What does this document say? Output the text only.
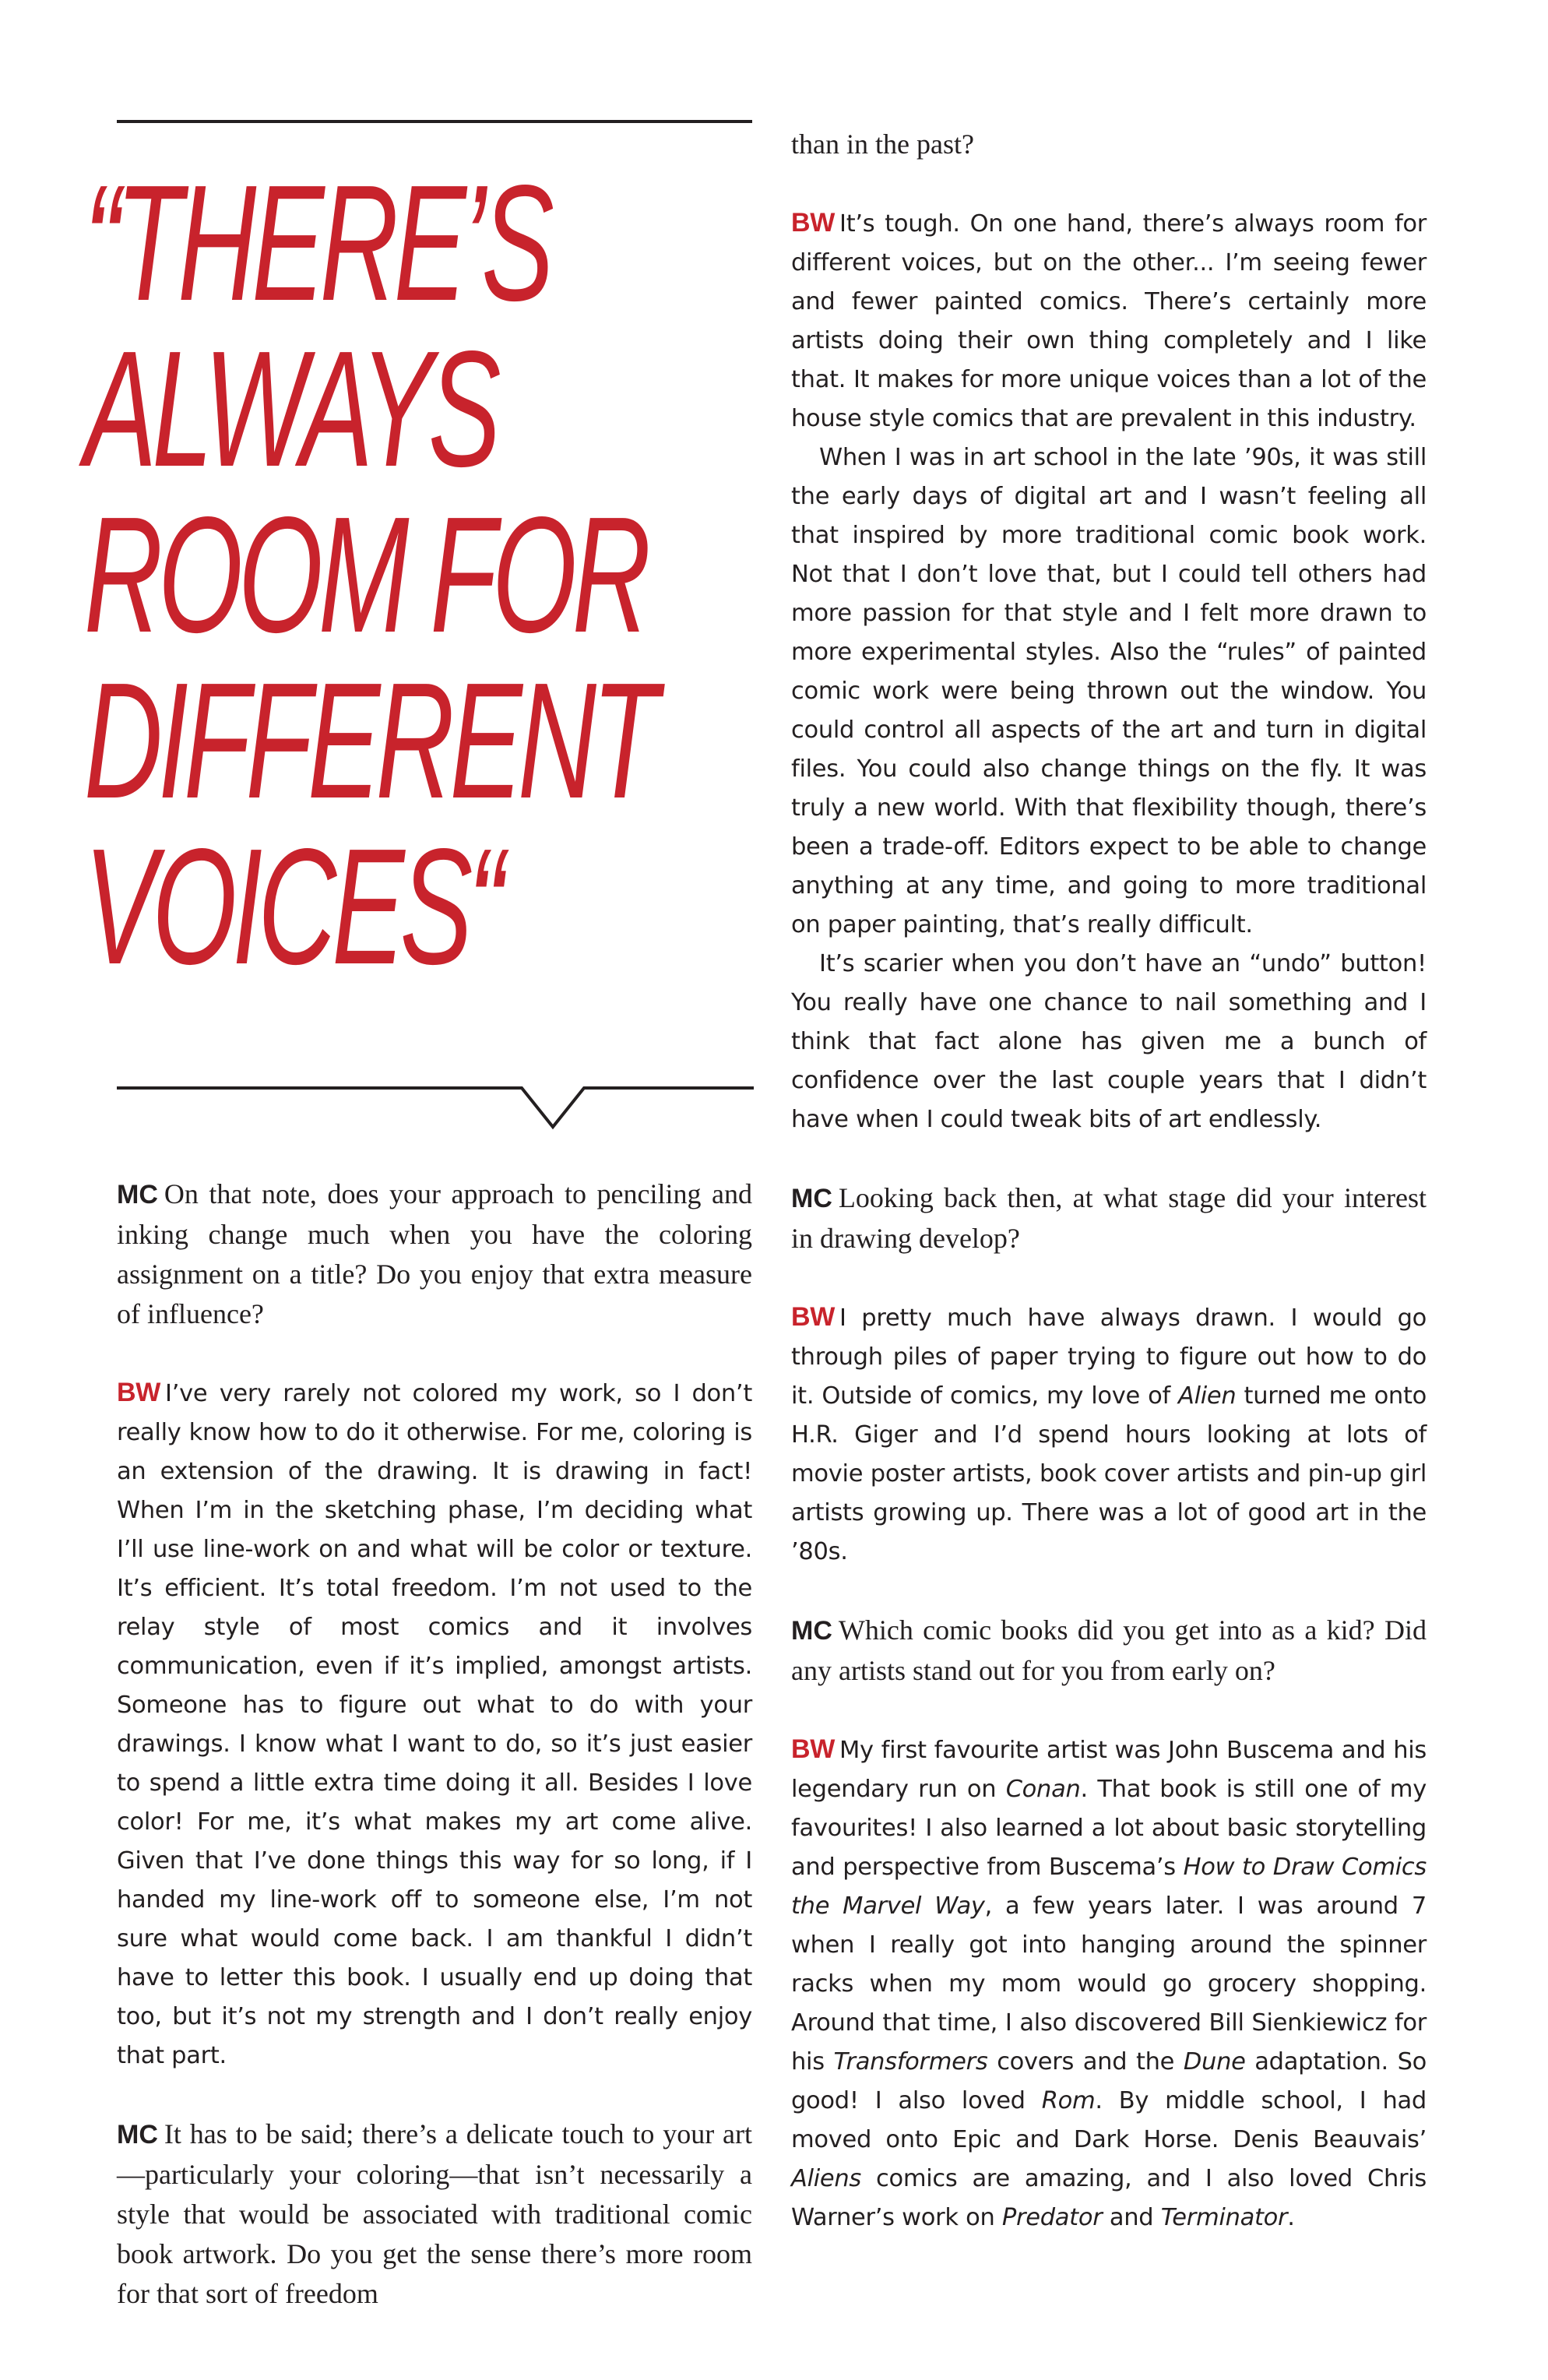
“THERE’S
ALWAYS
ROOM FOR
DIFFERENT
VOICES“

MC On that note, does your approach to penciling and inking change much when you have the coloring assignment on a title? Do you enjoy that extra measure of influence?

BW I’ve very rarely not colored my work, so I don’t really know how to do it otherwise. For me, coloring is an extension of the drawing. It is drawing in fact! When I’m in the sketching phase, I’m deciding what I’ll use line-work on and what will be color or texture. It’s efficient. It’s total freedom. I’m not used to the relay style of most comics and it involves communication, even if it’s implied, amongst artists. Someone has to figure out what to do with your drawings. I know what I want to do, so it’s just easier to spend a little extra time doing it all. Besides I love color! For me, it’s what makes my art come alive. Given that I’ve done things this way for so long, if I handed my line-work off to someone else, I’m not sure what would come back. I am thankful I didn’t have to letter this book. I usually end up doing that too, but it’s not my strength and I don’t really enjoy that part.

MC It has to be said; there’s a delicate touch to your art—particularly your coloring—that isn’t necessarily a style that would be associated with traditional comic book artwork. Do you get the sense there’s more room for that sort of freedom

than in the past?

BW It’s tough. On one hand, there’s always room for different voices, but on the other... I’m seeing fewer and fewer painted comics. There’s certainly more artists doing their own thing completely and I like that. It makes for more unique voices than a lot of the house style comics that are prevalent in this industry.

When I was in art school in the late ’90s, it was still the early days of digital art and I wasn’t feeling all that inspired by more traditional comic book work. Not that I don’t love that, but I could tell others had more passion for that style and I felt more drawn to more experimental styles. Also the “rules” of painted comic work were being thrown out the window. You could control all aspects of the art and turn in digital files. You could also change things on the fly. It was truly a new world. With that flexibility though, there’s been a trade-off. Editors expect to be able to change anything at any time, and going to more traditional on paper painting, that’s really difficult.

It’s scarier when you don’t have an “undo” button! You really have one chance to nail something and I think that fact alone has given me a bunch of confidence over the last couple years that I didn’t have when I could tweak bits of art endlessly.

MC Looking back then, at what stage did your interest in drawing develop?

BW I pretty much have always drawn. I would go through piles of paper trying to figure out how to do it. Outside of comics, my love of Alien turned me onto H.R. Giger and I’d spend hours looking at lots of movie poster artists, book cover artists and pin-up girl artists growing up. There was a lot of good art in the ’80s.

MC Which comic books did you get into as a kid? Did any artists stand out for you from early on?

BW My first favourite artist was John Buscema and his legendary run on Conan. That book is still one of my favourites! I also learned a lot about basic storytelling and perspective from Buscema’s How to Draw Comics the Marvel Way, a few years later. I was around 7 when I really got into hanging around the spinner racks when my mom would go grocery shopping. Around that time, I also discovered Bill Sienkiewicz for his Transformers covers and the Dune adaptation. So good! I also loved Rom. By middle school, I had moved onto Epic and Dark Horse. Denis Beauvais’ Aliens comics are amazing, and I also loved Chris Warner’s work on Predator and Terminator.
